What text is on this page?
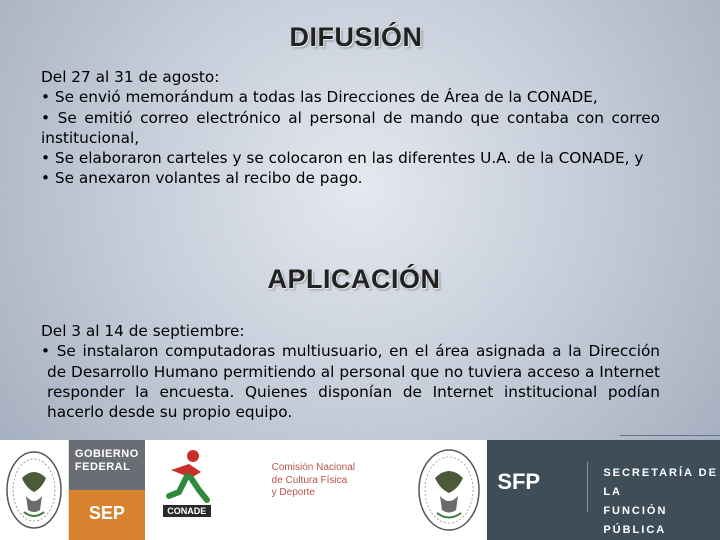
DIFUSIÓN
Del 27 al 31 de agosto:
• Se envió memorándum a todas las Direcciones de Área de la CONADE,
• Se emitió correo electrónico al personal de mando que contaba con correo institucional,
• Se elaboraron carteles y se colocaron en las diferentes U.A. de la CONADE, y
• Se anexaron volantes al recibo de pago.
APLICACIÓN
Del 3 al 14 de septiembre:
• Se instalaron computadoras multiusuario, en el área asignada a la Dirección de Desarrollo Humano permitiendo al personal que no tuviera acceso a Internet responder la encuesta. Quienes disponían de Internet institucional podían hacerlo desde su propio equipo.
GOBIERNO
FEDERAL
SEP	CONADE
Comisión Nacional
de Cultura Física
y Deporte	SFP	SECRETARÍA DE LA
FUNCIÓN PÚBLICA
